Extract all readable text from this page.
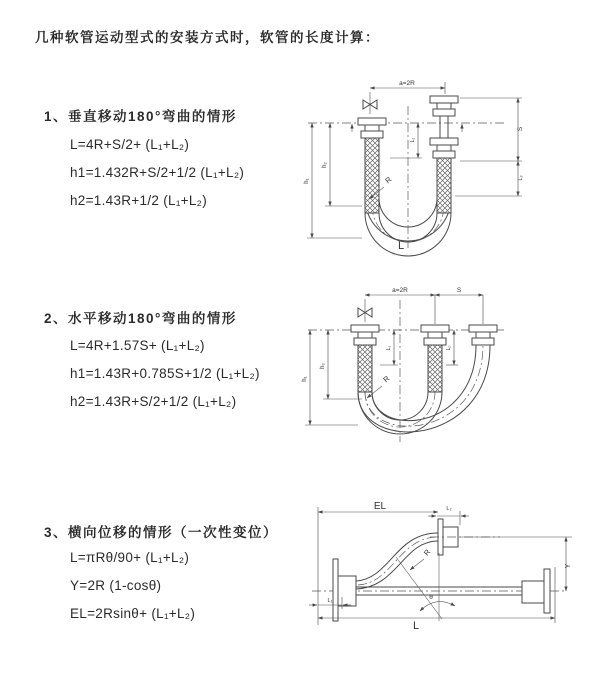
几种软管运动型式的安装方式时，软管的长度计算：
1、垂直移动180°弯曲的情形
L=4R+S/2+ (L₁+L₂)
h1=1.432R+S/2+1/2 (L₁+L₂)
h2=1.43R+1/2 (L₁+L₂)
2、水平移动180°弯曲的情形
L=4R+1.57S+ (L₁+L₂)
h1=1.43R+0.785S+1/2 (L₁+L₂)
h2=1.43R+S/2+1/2 (L₁+L₂)
3、横向位移的情形（一次性变位）
L=πRθ/90+ (L₁+L₂)
Y=2R (1-cosθ)
EL=2Rsinθ+ (L₁+L₂)
a=2R
h₁
h₂
L₁
S
L₂
R
L
a=2R	S
h₁
h₂
L₁	L₂
R
EL	L₂
Y
L
L₁
R
θ
